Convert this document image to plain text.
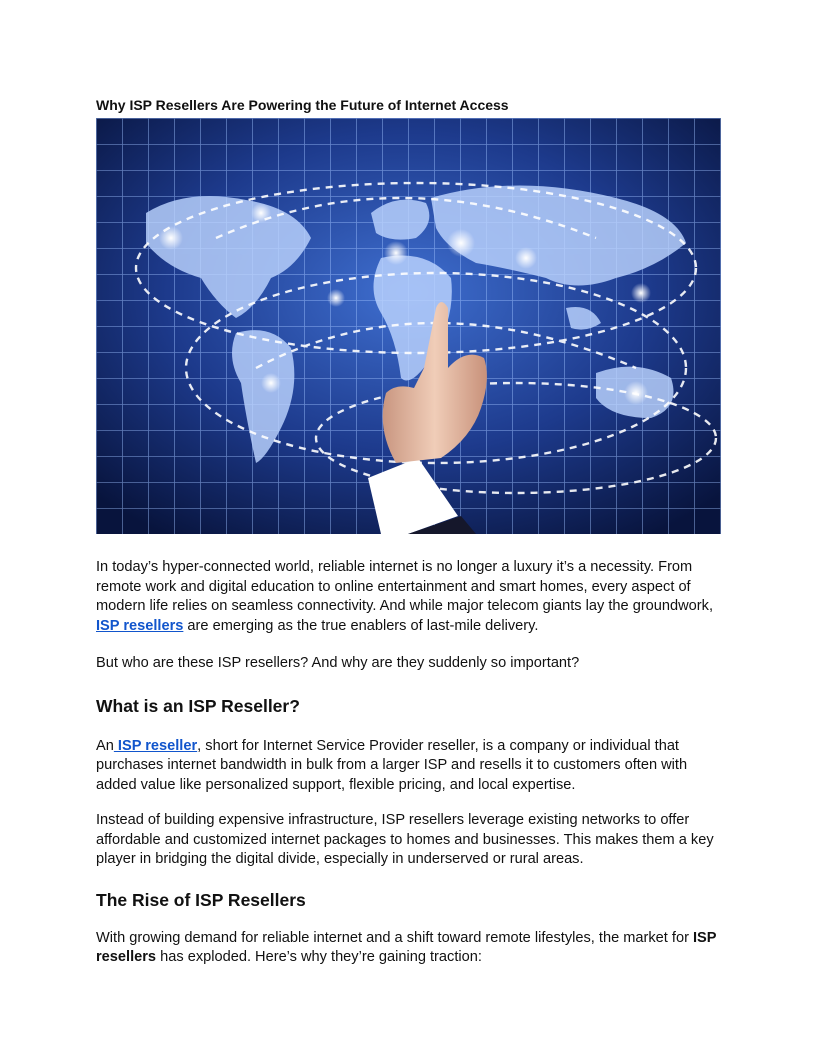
Why ISP Resellers Are Powering the Future of Internet Access

In today’s hyper-connected world, reliable internet is no longer a luxury it’s a necessity. From remote work and digital education to online entertainment and smart homes, every aspect of modern life relies on seamless connectivity. And while major telecom giants lay the groundwork, ISP resellers are emerging as the true enablers of last-mile delivery.

But who are these ISP resellers? And why are they suddenly so important?

What is an ISP Reseller?

An ISP reseller, short for Internet Service Provider reseller, is a company or individual that purchases internet bandwidth in bulk from a larger ISP and resells it to customers often with added value like personalized support, flexible pricing, and local expertise.

Instead of building expensive infrastructure, ISP resellers leverage existing networks to offer affordable and customized internet packages to homes and businesses. This makes them a key player in bridging the digital divide, especially in underserved or rural areas.

The Rise of ISP Resellers

With growing demand for reliable internet and a shift toward remote lifestyles, the market for ISP resellers has exploded. Here’s why they’re gaining traction:
